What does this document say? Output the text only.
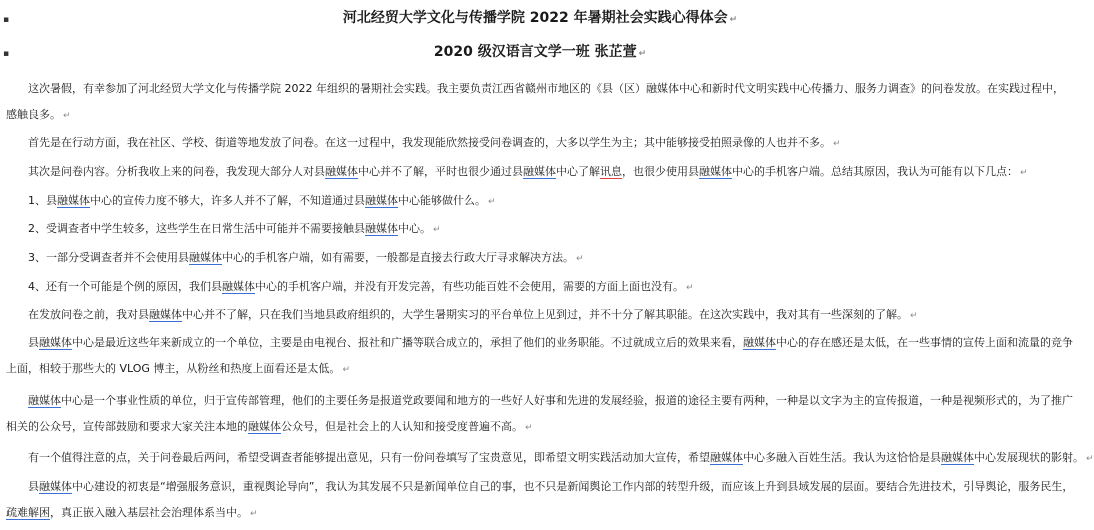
▪	河北经贸大学文化与传播学院 2022 年暑期社会实践心得体会 ↵
▪	2020 级汉语言文学一班 张芷萱 ↵
这次暑假，有幸参加了河北经贸大学文化与传播学院 2022 年组织的暑期社会实践。我主要负责江西省赣州市地区的《县（区）融媒体中心和新时代文明实践中心传播力、服务力调查》的问卷发放。在实践过程中，感触良多。 ↵
首先是在行动方面，我在社区、学校、街道等地发放了问卷。在这一过程中，我发现能欣然接受问卷调查的，大多以学生为主；其中能够接受拍照录像的人也并不多。 ↵
其次是问卷内容。分析我收上来的问卷，我发现大部分人对县融媒体中心并不了解，平时也很少通过县融媒体中心了解讯息，也很少使用县融媒体中心的手机客户端。总结其原因，我认为可能有以下几点： ↵
1、县融媒体中心的宣传力度不够大，许多人并不了解，不知道通过县融媒体中心能够做什么。 ↵
2、受调查者中学生较多，这些学生在日常生活中可能并不需要接触县融媒体中心。 ↵
3、一部分受调查者并不会使用县融媒体中心的手机客户端，如有需要，一般都是直接去行政大厅寻求解决方法。 ↵
4、还有一个可能是个例的原因，我们县融媒体中心的手机客户端，并没有开发完善，有些功能百姓不会使用，需要的方面上面也没有。 ↵
在发放问卷之前，我对县融媒体中心并不了解，只在我们当地县政府组织的，大学生暑期实习的平台单位上见到过，并不十分了解其职能。在这次实践中，我对其有一些深刻的了解。 ↵
县融媒体中心是最近这些年来新成立的一个单位，主要是由电视台、报社和广播等联合成立的，承担了他们的业务职能。不过就成立后的效果来看，融媒体中心的存在感还是太低，在一些事情的宣传上面和流量的竞争上面，相较于那些大的 VLOG 博主，从粉丝和热度上面看还是太低。 ↵
融媒体中心是一个事业性质的单位，归于宣传部管理，他们的主要任务是报道党政要闻和地方的一些好人好事和先进的发展经验，报道的途径主要有两种，一种是以文字为主的宣传报道，一种是视频形式的，为了推广相关的公众号，宣传部鼓励和要求大家关注本地的融媒体公众号，但是社会上的人认知和接受度普遍不高。 ↵
有一个值得注意的点，关于问卷最后两问，希望受调查者能够提出意见，只有一份问卷填写了宝贵意见，即希望文明实践活动加大宣传，希望融媒体中心多融入百姓生活。我认为这恰恰是县融媒体中心发展现状的影射。 ↵
县融媒体中心建设的初衷是“增强服务意识，重视舆论导向”，我认为其发展不只是新闻单位自己的事，也不只是新闻舆论工作内部的转型升级，而应该上升到县域发展的层面。要结合先进技术，引导舆论，服务民生，疏难解困，真正嵌入融入基层社会治理体系当中。 ↵
